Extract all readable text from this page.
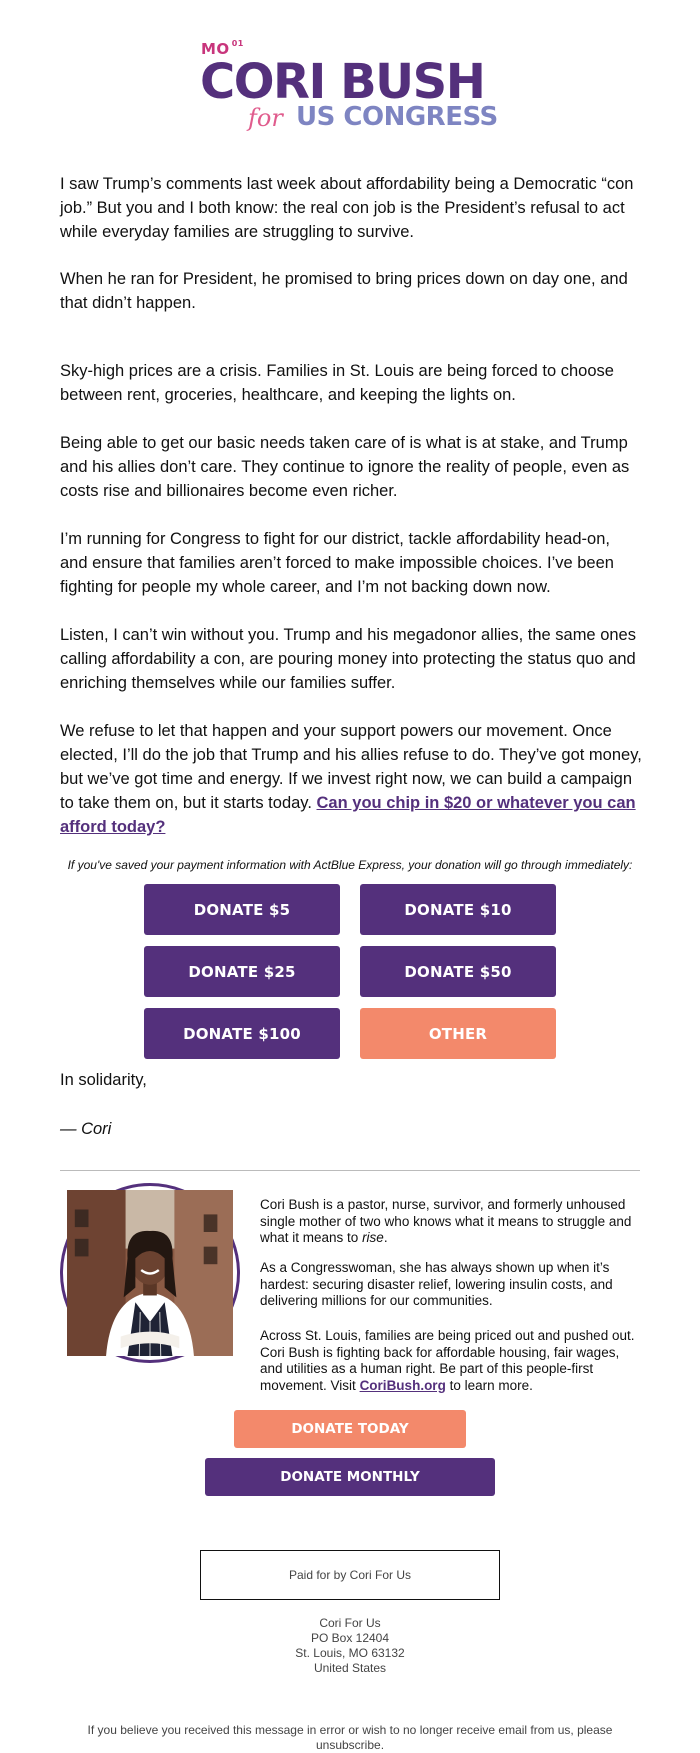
MO $^{01}$
CORI BUSH
for US CONGRESS

I saw Trump’s comments last week about affordability being a Democratic “con job.” But you and I both know: the real con job is the President’s refusal to act while everyday families are struggling to survive.

When he ran for President, he promised to bring prices down on day one, and that didn’t happen.

Sky-high prices are a crisis. Families in St. Louis are being forced to choose between rent, groceries, healthcare, and keeping the lights on.

Being able to get our basic needs taken care of is what is at stake, and Trump and his allies don’t care. They continue to ignore the reality of people, even as costs rise and billionaires become even richer.

I’m running for Congress to fight for our district, tackle affordability head-on, and ensure that families aren’t forced to make impossible choices. I’ve been fighting for people my whole career, and I’m not backing down now.

Listen, I can’t win without you. Trump and his megadonor allies, the same ones calling affordability a con, are pouring money into protecting the status quo and enriching themselves while our families suffer.

We refuse to let that happen and your support powers our movement. Once elected, I’ll do the job that Trump and his allies refuse to do. They’ve got money, but we’ve got time and energy. If we invest right now, we can build a campaign to take them on, but it starts today. Can you chip in $20 or whatever you can afford today?

If you've saved your payment information with ActBlue Express, your donation will go through immediately:
DONATE $5	DONATE $10
DONATE $25	DONATE $50
DONATE $100	OTHER
In solidarity,
— Cori

Cori Bush is a pastor, nurse, survivor, and formerly unhoused single mother of two who knows what it means to struggle and what it means to rise.

As a Congresswoman, she has always shown up when it’s hardest: securing disaster relief, lowering insulin costs, and delivering millions for our communities.

Across St. Louis, families are being priced out and pushed out. Cori Bush is fighting back for affordable housing, fair wages, and utilities as a human right. Be part of this people-first movement. Visit CoriBush.org to learn more.

DONATE TODAY
DONATE MONTHLY
Paid for by Cori For Us
Cori For Us
PO Box 12404
St. Louis, MO 63132
United States
If you believe you received this message in error or wish to no longer receive email from us, please unsubscribe.
